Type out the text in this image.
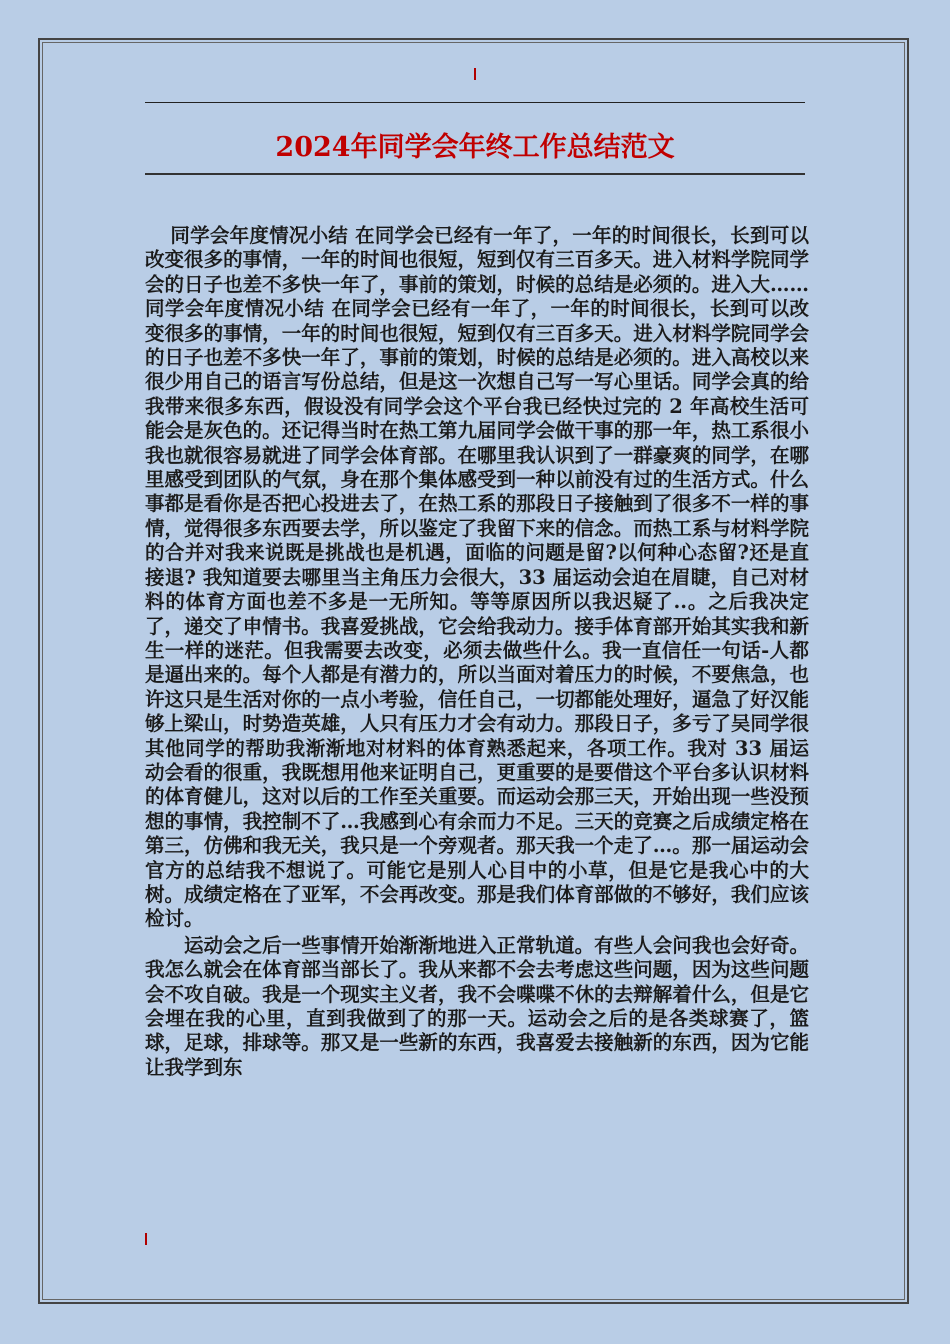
2024年同学会年终工作总结范文

同学会年度情况小结 在同学会已经有一年了，一年的时间很长，长到可以改变很多的事情，一年的时间也很短，短到仅有三百多天。进入材料学院同学会的日子也差不多快一年了，事前的策划，时候的总结是必须的。进入大…… 同学会年度情况小结 在同学会已经有一年了，一年的时间很长，长到可以改变很多的事情，一年的时间也很短，短到仅有三百多天。进入材料学院同学会的日子也差不多快一年了，事前的策划，时候的总结是必须的。进入高校以来很少用自己的语言写份总结，但是这一次想自己写一写心里话。同学会真的给我带来很多东西，假设没有同学会这个平台我已经快过完的 2 年高校生活可能会是灰色的。还记得当时在热工第九届同学会做干事的那一年，热工系很小我也就很容易就进了同学会体育部。在哪里我认识到了一群豪爽的同学，在哪里感受到团队的气氛，身在那个集体感受到一种以前没有过的生活方式。什么事都是看你是否把心投进去了，在热工系的那段日子接触到了很多不一样的事情，觉得很多东西要去学，所以鉴定了我留下来的信念。而热工系与材料学院的合并对我来说既是挑战也是机遇，面临的问题是留?以何种心态留?还是直接退? 我知道要去哪里当主角压力会很大，33 届运动会迫在眉睫，自己对材料的体育方面也差不多是一无所知。等等原因所以我迟疑了..。之后我决定了，递交了申情书。我喜爱挑战，它会给我动力。接手体育部开始其实我和新生一样的迷茫。但我需要去改变，必须去做些什么。我一直信任一句话-人都是逼出来的。每个人都是有潜力的，所以当面对着压力的时候，不要焦急，也许这只是生活对你的一点小考验，信任自己，一切都能处理好，逼急了好汉能够上梁山，时势造英雄，人只有压力才会有动力。那段日子，多亏了吴同学很其他同学的帮助我渐渐地对材料的体育熟悉起来，各项工作。我对 33 届运动会看的很重，我既想用他来证明自己，更重要的是要借这个平台多认识材料的体育健儿，这对以后的工作至关重要。而运动会那三天，开始出现一些没预想的事情，我控制不了…我感到心有余而力不足。三天的竞赛之后成绩定格在第三，仿佛和我无关，我只是一个旁观者。那天我一个走了…。那一届运动会官方的总结我不想说了。可能它是别人心目中的小草，但是它是我心中的大树。成绩定格在了亚军，不会再改变。那是我们体育部做的不够好，我们应该检讨。

运动会之后一些事情开始渐渐地进入正常轨道。有些人会问我也会好奇。我怎么就会在体育部当部长了。我从来都不会去考虑这些问题，因为这些问题会不攻自破。我是一个现实主义者，我不会喋喋不休的去辩解着什么，但是它会埋在我的心里，直到我做到了的那一天。运动会之后的是各类球赛了，篮球，足球，排球等。那又是一些新的东西，我喜爱去接触新的东西，因为它能让我学到东
